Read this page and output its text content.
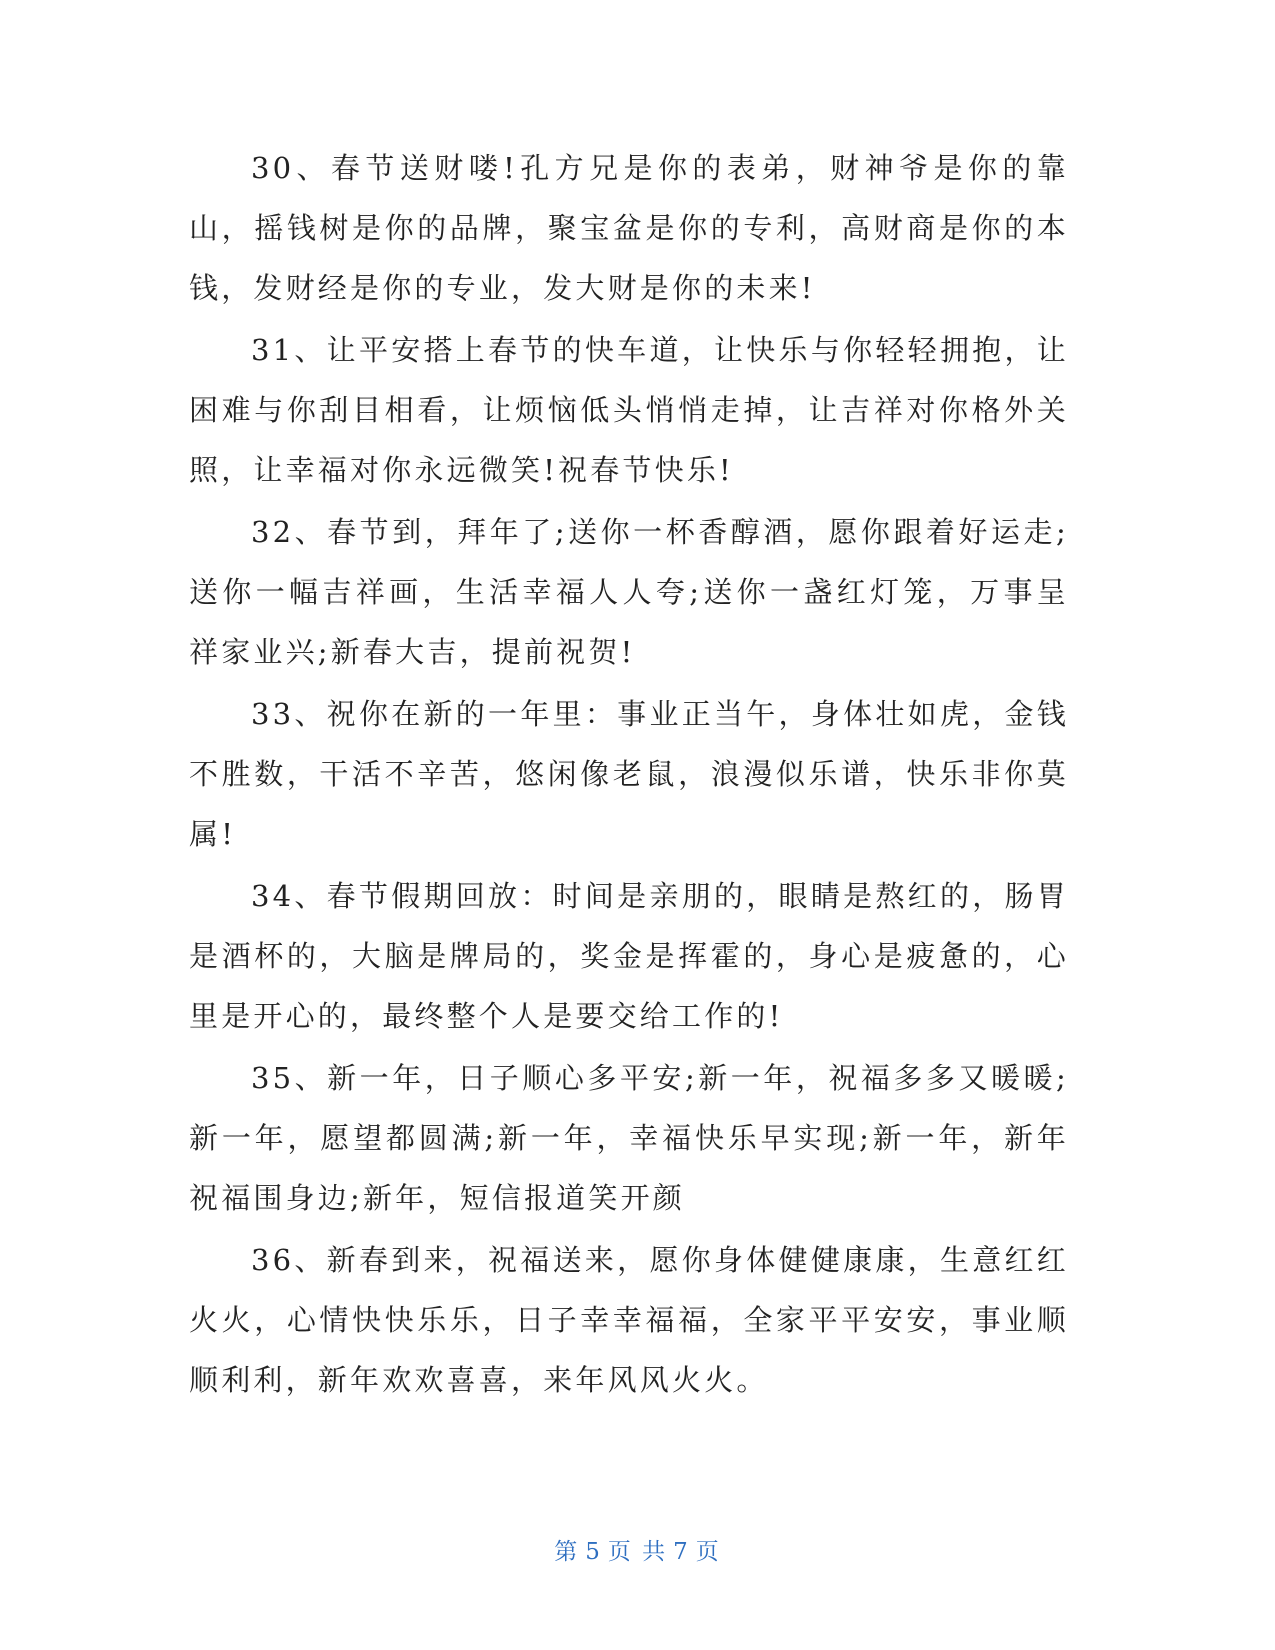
30、春节送财喽!孔方兄是你的表弟，财神爷是你的靠山，摇钱树是你的品牌，聚宝盆是你的专利，高财商是你的本钱，发财经是你的专业，发大财是你的未来!

31、让平安搭上春节的快车道，让快乐与你轻轻拥抱，让困难与你刮目相看，让烦恼低头悄悄走掉，让吉祥对你格外关照，让幸福对你永远微笑!祝春节快乐!

32、春节到，拜年了;送你一杯香醇酒，愿你跟着好运走;送你一幅吉祥画，生活幸福人人夸;送你一盏红灯笼，万事呈祥家业兴;新春大吉，提前祝贺!

33、祝你在新的一年里：事业正当午，身体壮如虎，金钱不胜数，干活不辛苦，悠闲像老鼠，浪漫似乐谱，快乐非你莫属!

34、春节假期回放：时间是亲朋的，眼睛是熬红的，肠胃是酒杯的，大脑是牌局的，奖金是挥霍的，身心是疲惫的，心里是开心的，最终整个人是要交给工作的!

35、新一年，日子顺心多平安;新一年，祝福多多又暖暖;新一年，愿望都圆满;新一年，幸福快乐早实现;新一年，新年祝福围身边;新年，短信报道笑开颜

36、新春到来，祝福送来，愿你身体健健康康，生意红红火火，心情快快乐乐，日子幸幸福福，全家平平安安，事业顺顺利利，新年欢欢喜喜，来年风风火火。

第 5 页 共 7 页
